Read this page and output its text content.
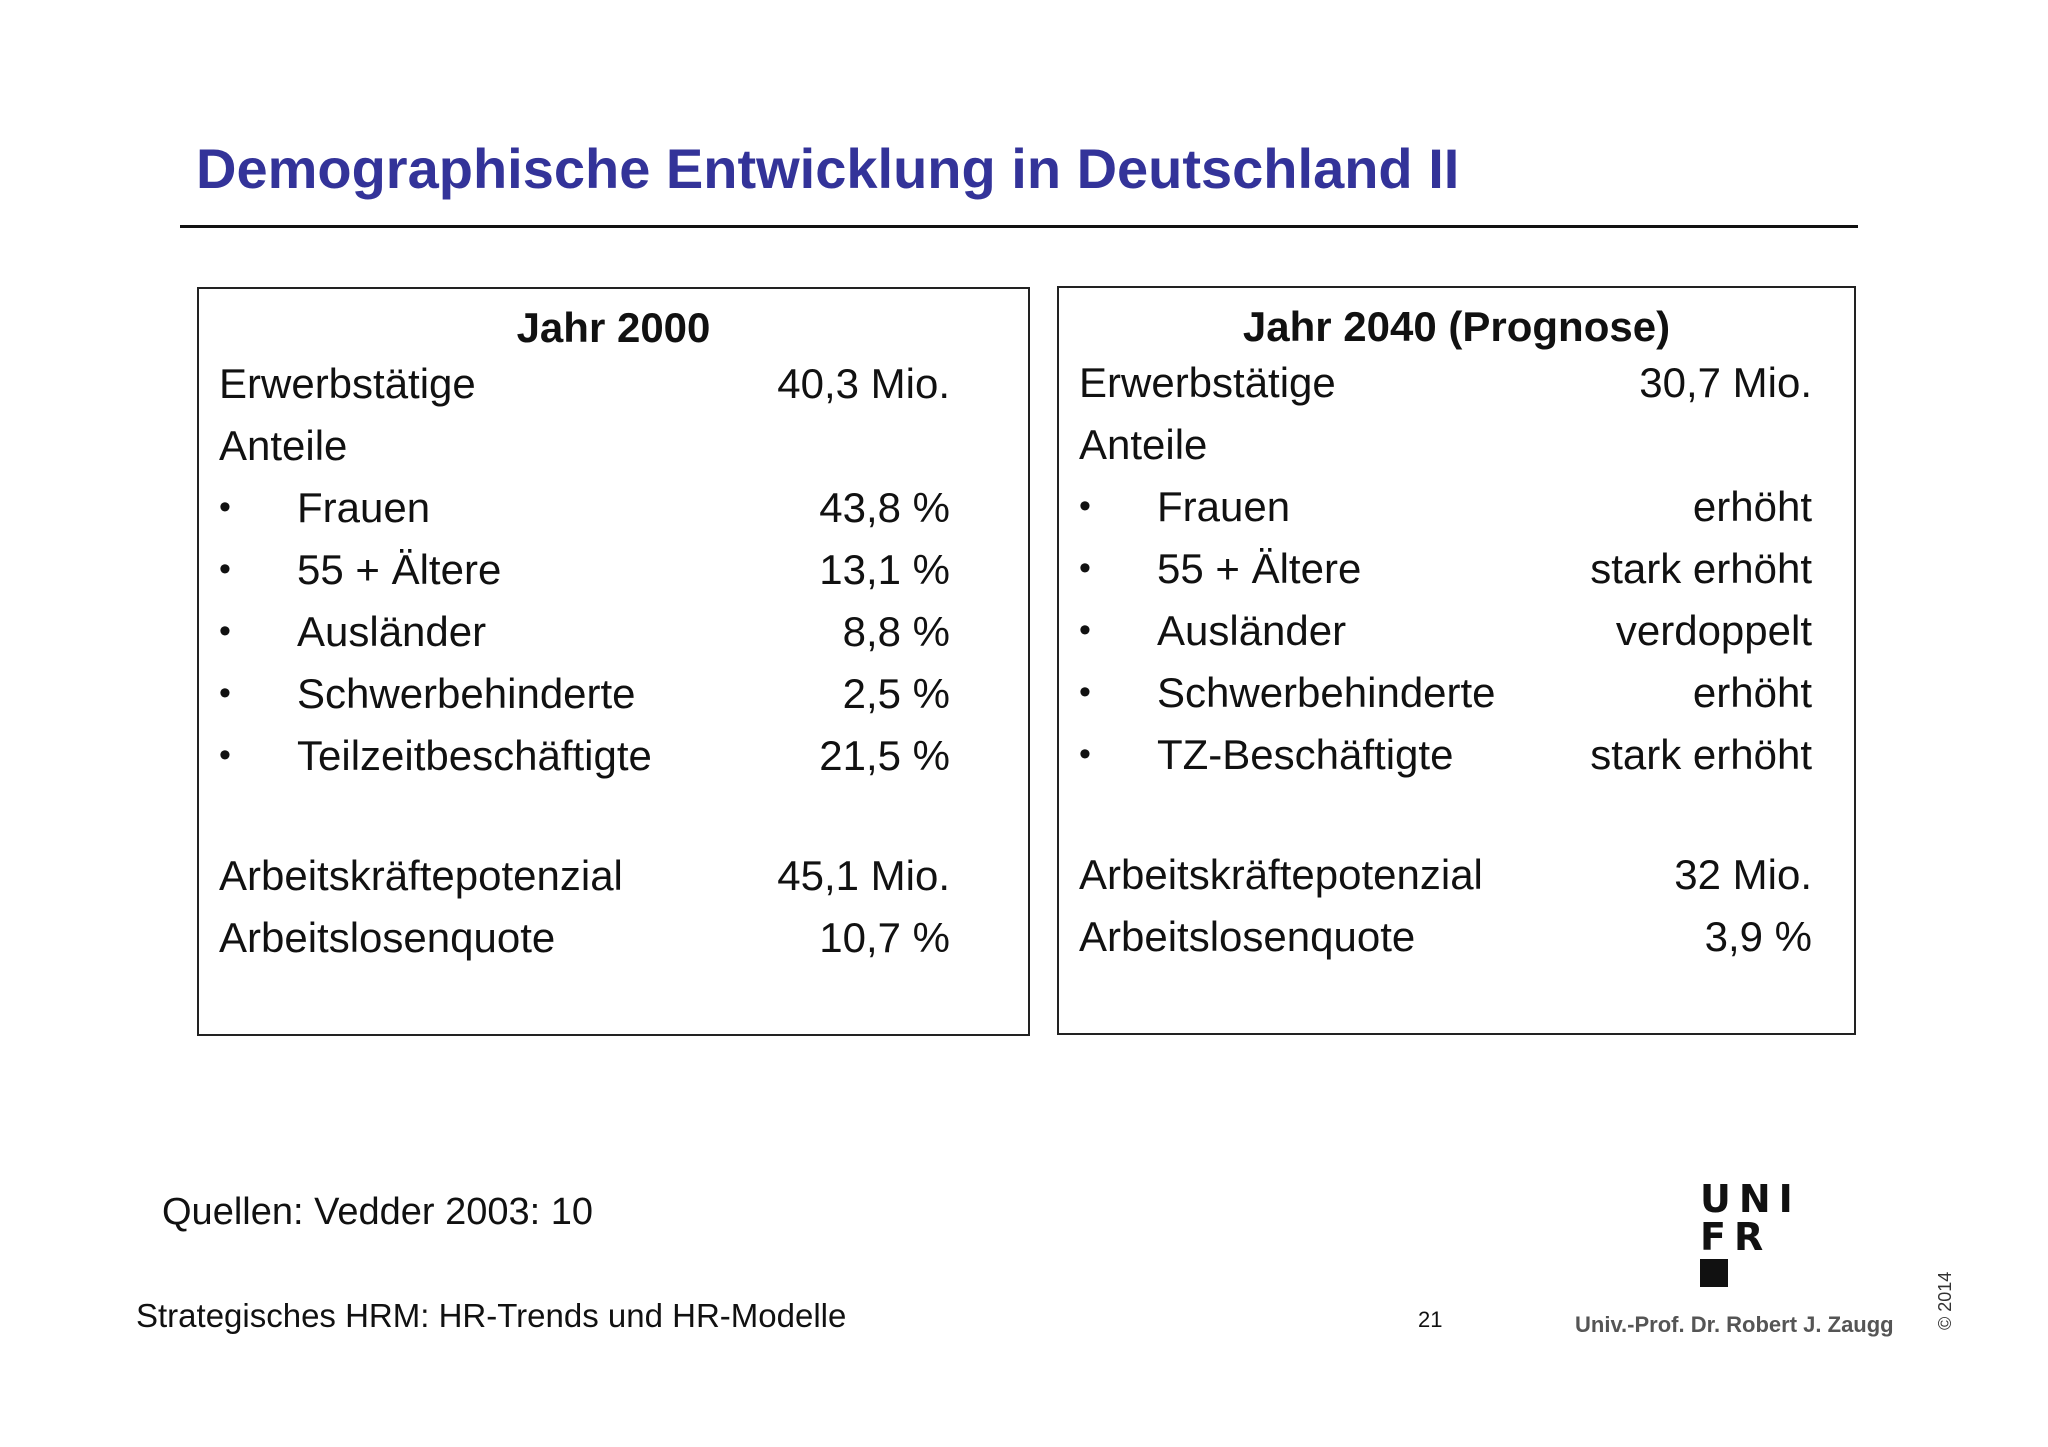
Demographische Entwicklung in Deutschland II
Jahr 2000
Erwerbstätige	40,3 Mio.
Anteile
• Frauen	43,8 %
• 55 + Ältere	13,1 %
• Ausländer	8,8 %
• Schwerbehinderte	2,5 %
• Teilzeitbeschäftigte	21,5 %
Arbeitskräftepotenzial	45,1 Mio.
Arbeitslosenquote	10,7 %
Jahr 2040 (Prognose)
Erwerbstätige	30,7 Mio.
Anteile
• Frauen	erhöht
• 55 + Ältere	stark erhöht
• Ausländer	verdoppelt
• Schwerbehinderte	erhöht
• TZ-Beschäftigte	stark erhöht
Arbeitskräftepotenzial	32 Mio.
Arbeitslosenquote	3,9 %
Quellen: Vedder 2003: 10	UNI
FR
Strategisches HRM: HR-Trends und HR-Modelle	21	Univ.-Prof. Dr. Robert J. Zaugg © 2014
